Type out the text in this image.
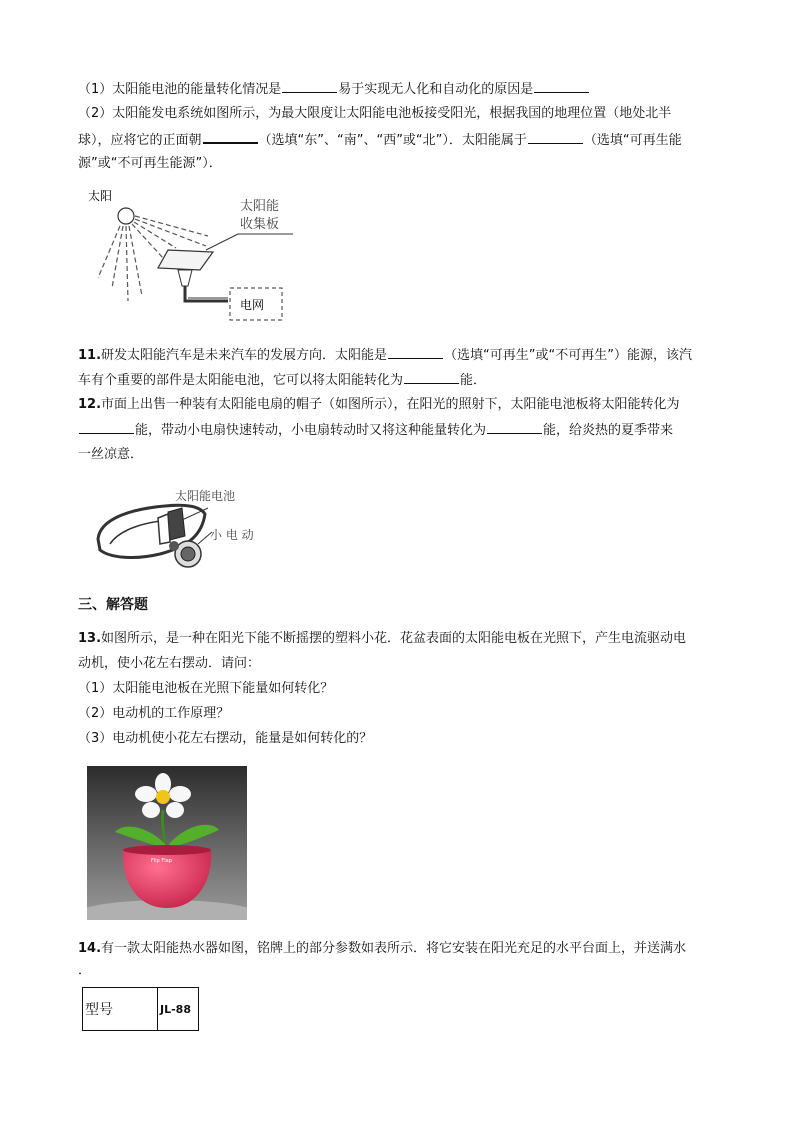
（1）太阳能电池的能量转化情况是	易于实现无人化和自动化的原因是
（2）太阳能发电系统如图所示，为最大限度让太阳能电池板接受阳光，根据我国的地理位置（地处北半
球），应将它的正面朝	（选填“东”、“南”、“西”或“北”）．太阳能属于	（选填“可再生能
源”或“不可再生能源”）．
太阳
太阳能
收集板
电网
11.研发太阳能汽车是未来汽车的发展方向．太阳能是	（选填“可再生”或“不可再生”）能源，该汽
车有个重要的部件是太阳能电池，它可以将太阳能转化为	能．
12.市面上出售一种装有太阳能电扇的帽子（如图所示），在阳光的照射下，太阳能电池板将太阳能转化为
能，带动小电扇快速转动，小电扇转动时又将这种能量转化为	能，给炎热的夏季带来
一丝凉意．
太阳能电池
小 电 动
三、解答题
13.如图所示，是一种在阳光下能不断摇摆的塑料小花．花盆表面的太阳能电板在光照下，产生电流驱动电
动机，使小花左右摆动．请问：
（1）太阳能电池板在光照下能量如何转化？
（2）电动机的工作原理？
（3）电动机使小花左右摆动，能量是如何转化的？
Flip Flap
14.有一款太阳能热水器如图，铭牌上的部分参数如表所示．将它安装在阳光充足的水平台面上，并送满水
．
型号	JL-88
